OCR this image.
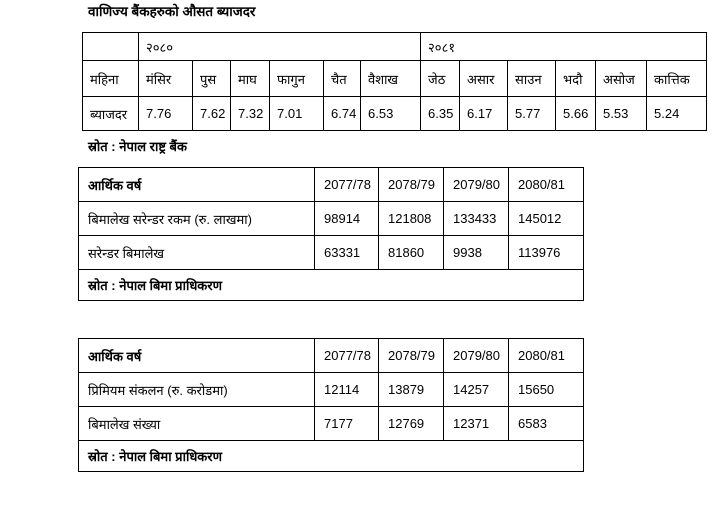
वाणिज्य बैंकहरुको औसत ब्याजदर
	२०८०						२०८१					
महिना	मंसिर	पुस	माघ	फागुन	चैत	वैशाख	जेठ	असार	साउन	भदौ	असोज	कात्तिक
ब्याजदर	7.76	7.62	7.32	7.01	6.74	6.53	6.35	6.17	5.77	5.66	5.53	5.24
स्रोत : नेपाल राष्ट्र बैंक
आर्थिक वर्ष	2077/78	2078/79	2079/80	2080/81
बिमालेख सरेन्डर रकम (रु. लाखमा)	98914	121808	133433	145012
सरेन्डर बिमालेख	63331	81860	9938	113976
स्रोत : नेपाल बिमा प्राधिकरण				
आर्थिक वर्ष	2077/78	2078/79	2079/80	2080/81
प्रिमियम संकलन (रु. करोडमा)	12114	13879	14257	15650
बिमालेख संख्या	7177	12769	12371	6583
स्रोत : नेपाल बिमा प्राधिकरण				
